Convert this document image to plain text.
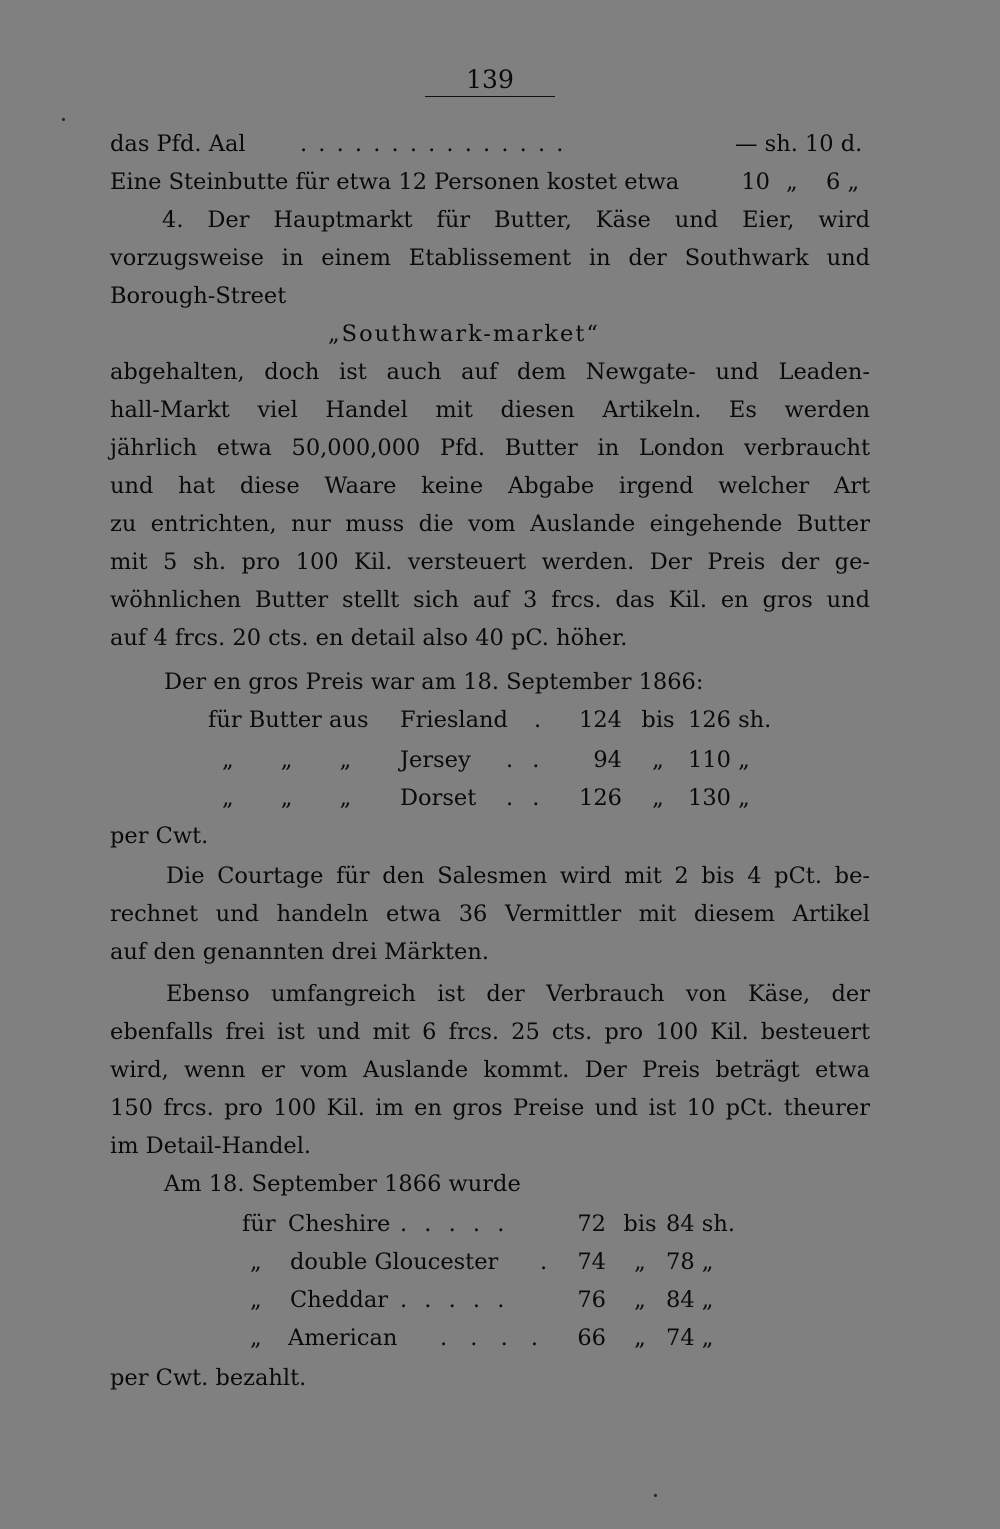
139
das Pfd. Aal . . . . . . . . . . . . . . .	— sh. 10 d.
Eine Steinbutte für etwa 12 Personen kostet etwa	10 „ 6 „
4. Der Hauptmarkt für Butter, Käse und Eier, wird
vorzugsweise in einem Etablissement in der Southwark und
Borough-Street
„Southwark-market“
abgehalten, doch ist auch auf dem Newgate- und Leaden-
hall-Markt viel Handel mit diesen Artikeln. Es werden
jährlich etwa 50,000,000 Pfd. Butter in London verbraucht
und hat diese Waare keine Abgabe irgend welcher Art
zu entrichten, nur muss die vom Auslande eingehende Butter
mit 5 sh. pro 100 Kil. versteuert werden. Der Preis der ge-
wöhnlichen Butter stellt sich auf 3 frcs. das Kil. en gros und
auf 4 frcs. 20 cts. en detail also 40 pC. höher.
Der en gros Preis war am 18. September 1866:
für Butter aus Friesland .	124 bis 126 sh.
„ „ „ Jersey . .	94	„	110 „
„ „ „ Dorset . .	126	„	130 „
per Cwt.
Die Courtage für den Salesmen wird mit 2 bis 4 pCt. be-
rechnet und handeln etwa 36 Vermittler mit diesem Artikel
auf den genannten drei Märkten.
Ebenso umfangreich ist der Verbrauch von Käse, der
ebenfalls frei ist und mit 6 frcs. 25 cts. pro 100 Kil. besteuert
wird, wenn er vom Auslande kommt. Der Preis beträgt etwa
150 frcs. pro 100 Kil. im en gros Preise und ist 10 pCt. theurer
im Detail-Handel.
Am 18. September 1866 wurde
für Cheshire . . . . .	72 bis 84 sh.
„ double Gloucester .	74	„ 78 „
„ Cheddar . . . . .	76	„ 84 „
„ American . . . .	66	„ 74 „
per Cwt. bezahlt.
